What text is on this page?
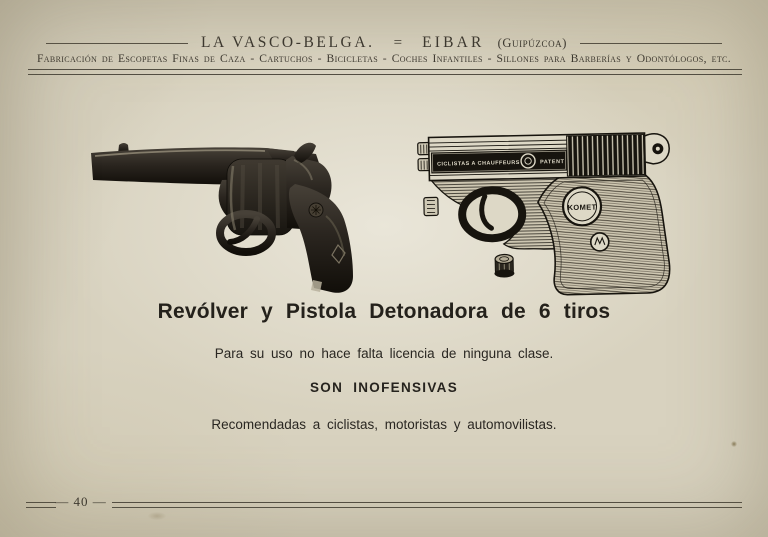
LA VASCO-BELGA.	=	EIBAR (Guipúzcoa)
Fabricación de Escopetas Finas de Caza - Cartuchos - Bicicletas - Coches Infantiles - Sillones para Barberías y Odontólogos, etc.
KOMET
CICLISTAS A CHAUFFEURS	PATENT
Revólver y Pistola Detonadora de 6 tiros
Para su uso no hace falta licencia de ninguna clase.
SON INOFENSIVAS
Recomendadas a ciclistas, motoristas y automovilistas.
— 40 —
